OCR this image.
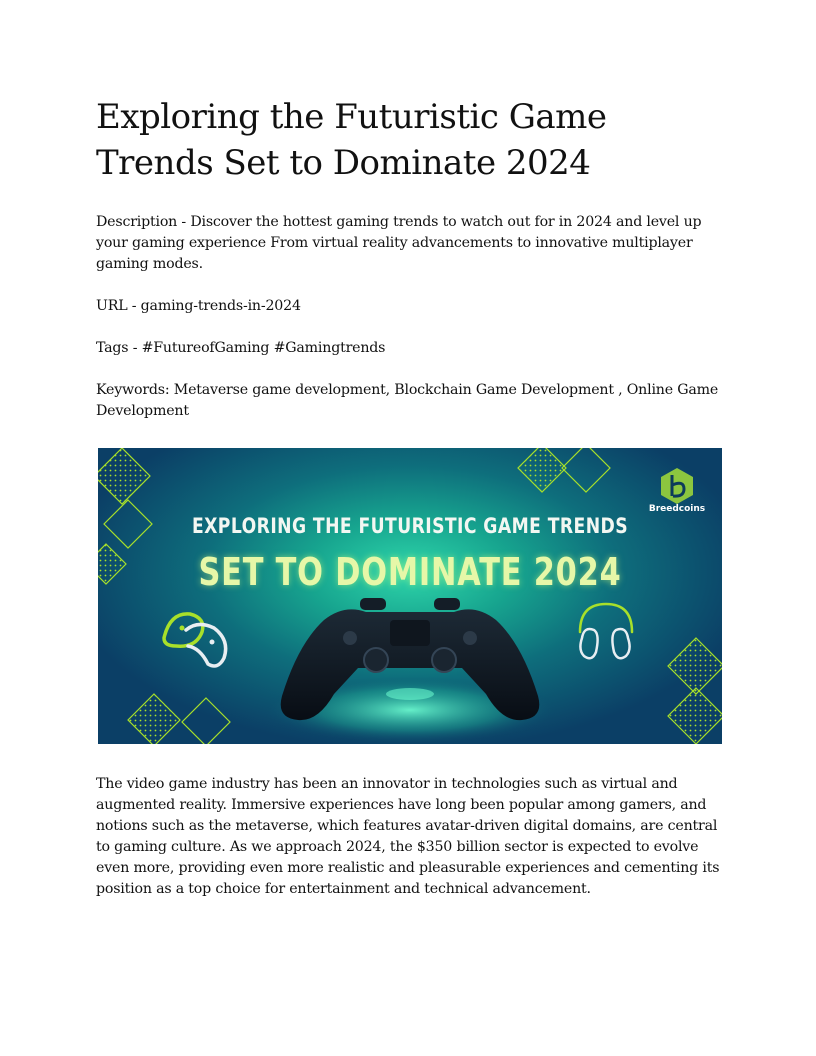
Exploring the Futuristic Game Trends Set to Dominate 2024

Description - Discover the hottest gaming trends to watch out for in 2024 and level up your gaming experience From virtual reality advancements to innovative multiplayer gaming modes.

URL - gaming-trends-in-2024

Tags - #FutureofGaming #Gamingtrends

Keywords: Metaverse game development, Blockchain Game Development , Online Game Development

EXPLORING THE FUTURISTIC GAME TRENDS
SET TO DOMINATE 2024
Breedcoins

The video game industry has been an innovator in technologies such as virtual and augmented reality. Immersive experiences have long been popular among gamers, and notions such as the metaverse, which features avatar-driven digital domains, are central to gaming culture. As we approach 2024, the $350 billion sector is expected to evolve even more, providing even more realistic and pleasurable experiences and cementing its position as a top choice for entertainment and technical advancement.
